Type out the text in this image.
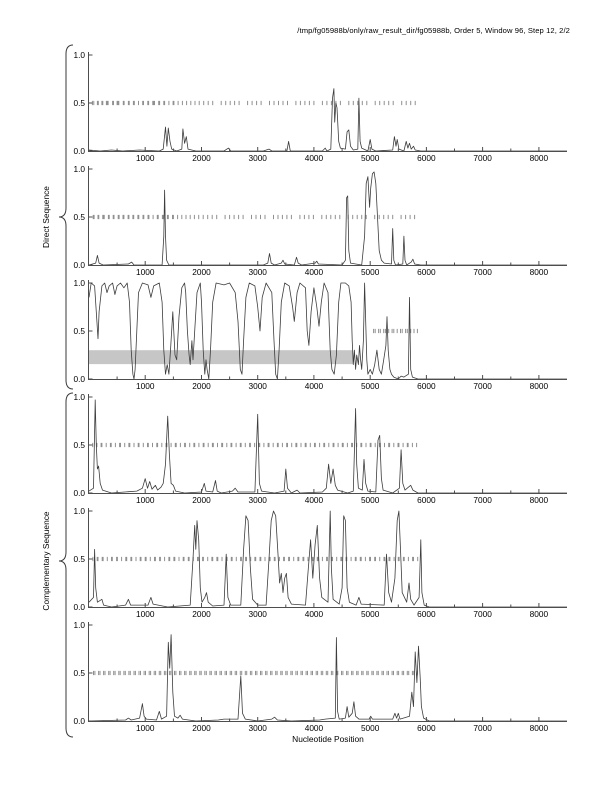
/tmp/fg05988b/only/raw_result_dir/fg05988b, Order 5, Window 96, Step 12, 2/2
1000	2000	3000	4000	5000	6000	7000	8000
1.0
0.5
0.0
1000	2000	3000	4000	5000	6000	7000	8000
1.0
0.5
0.0
1000	2000	3000	4000	5000	6000	7000	8000
1.0
0.5
0.0
1000	2000	3000	4000	5000	6000	7000	8000
1.0
0.5
0.0
1000	2000	3000	4000	5000	6000	7000	8000
1.0
0.5
0.0
1000	2000	3000	4000	5000	6000	7000	8000
1.0
0.5
0.0
Direct Sequence
Complementary Sequence
Nucleotide Position
